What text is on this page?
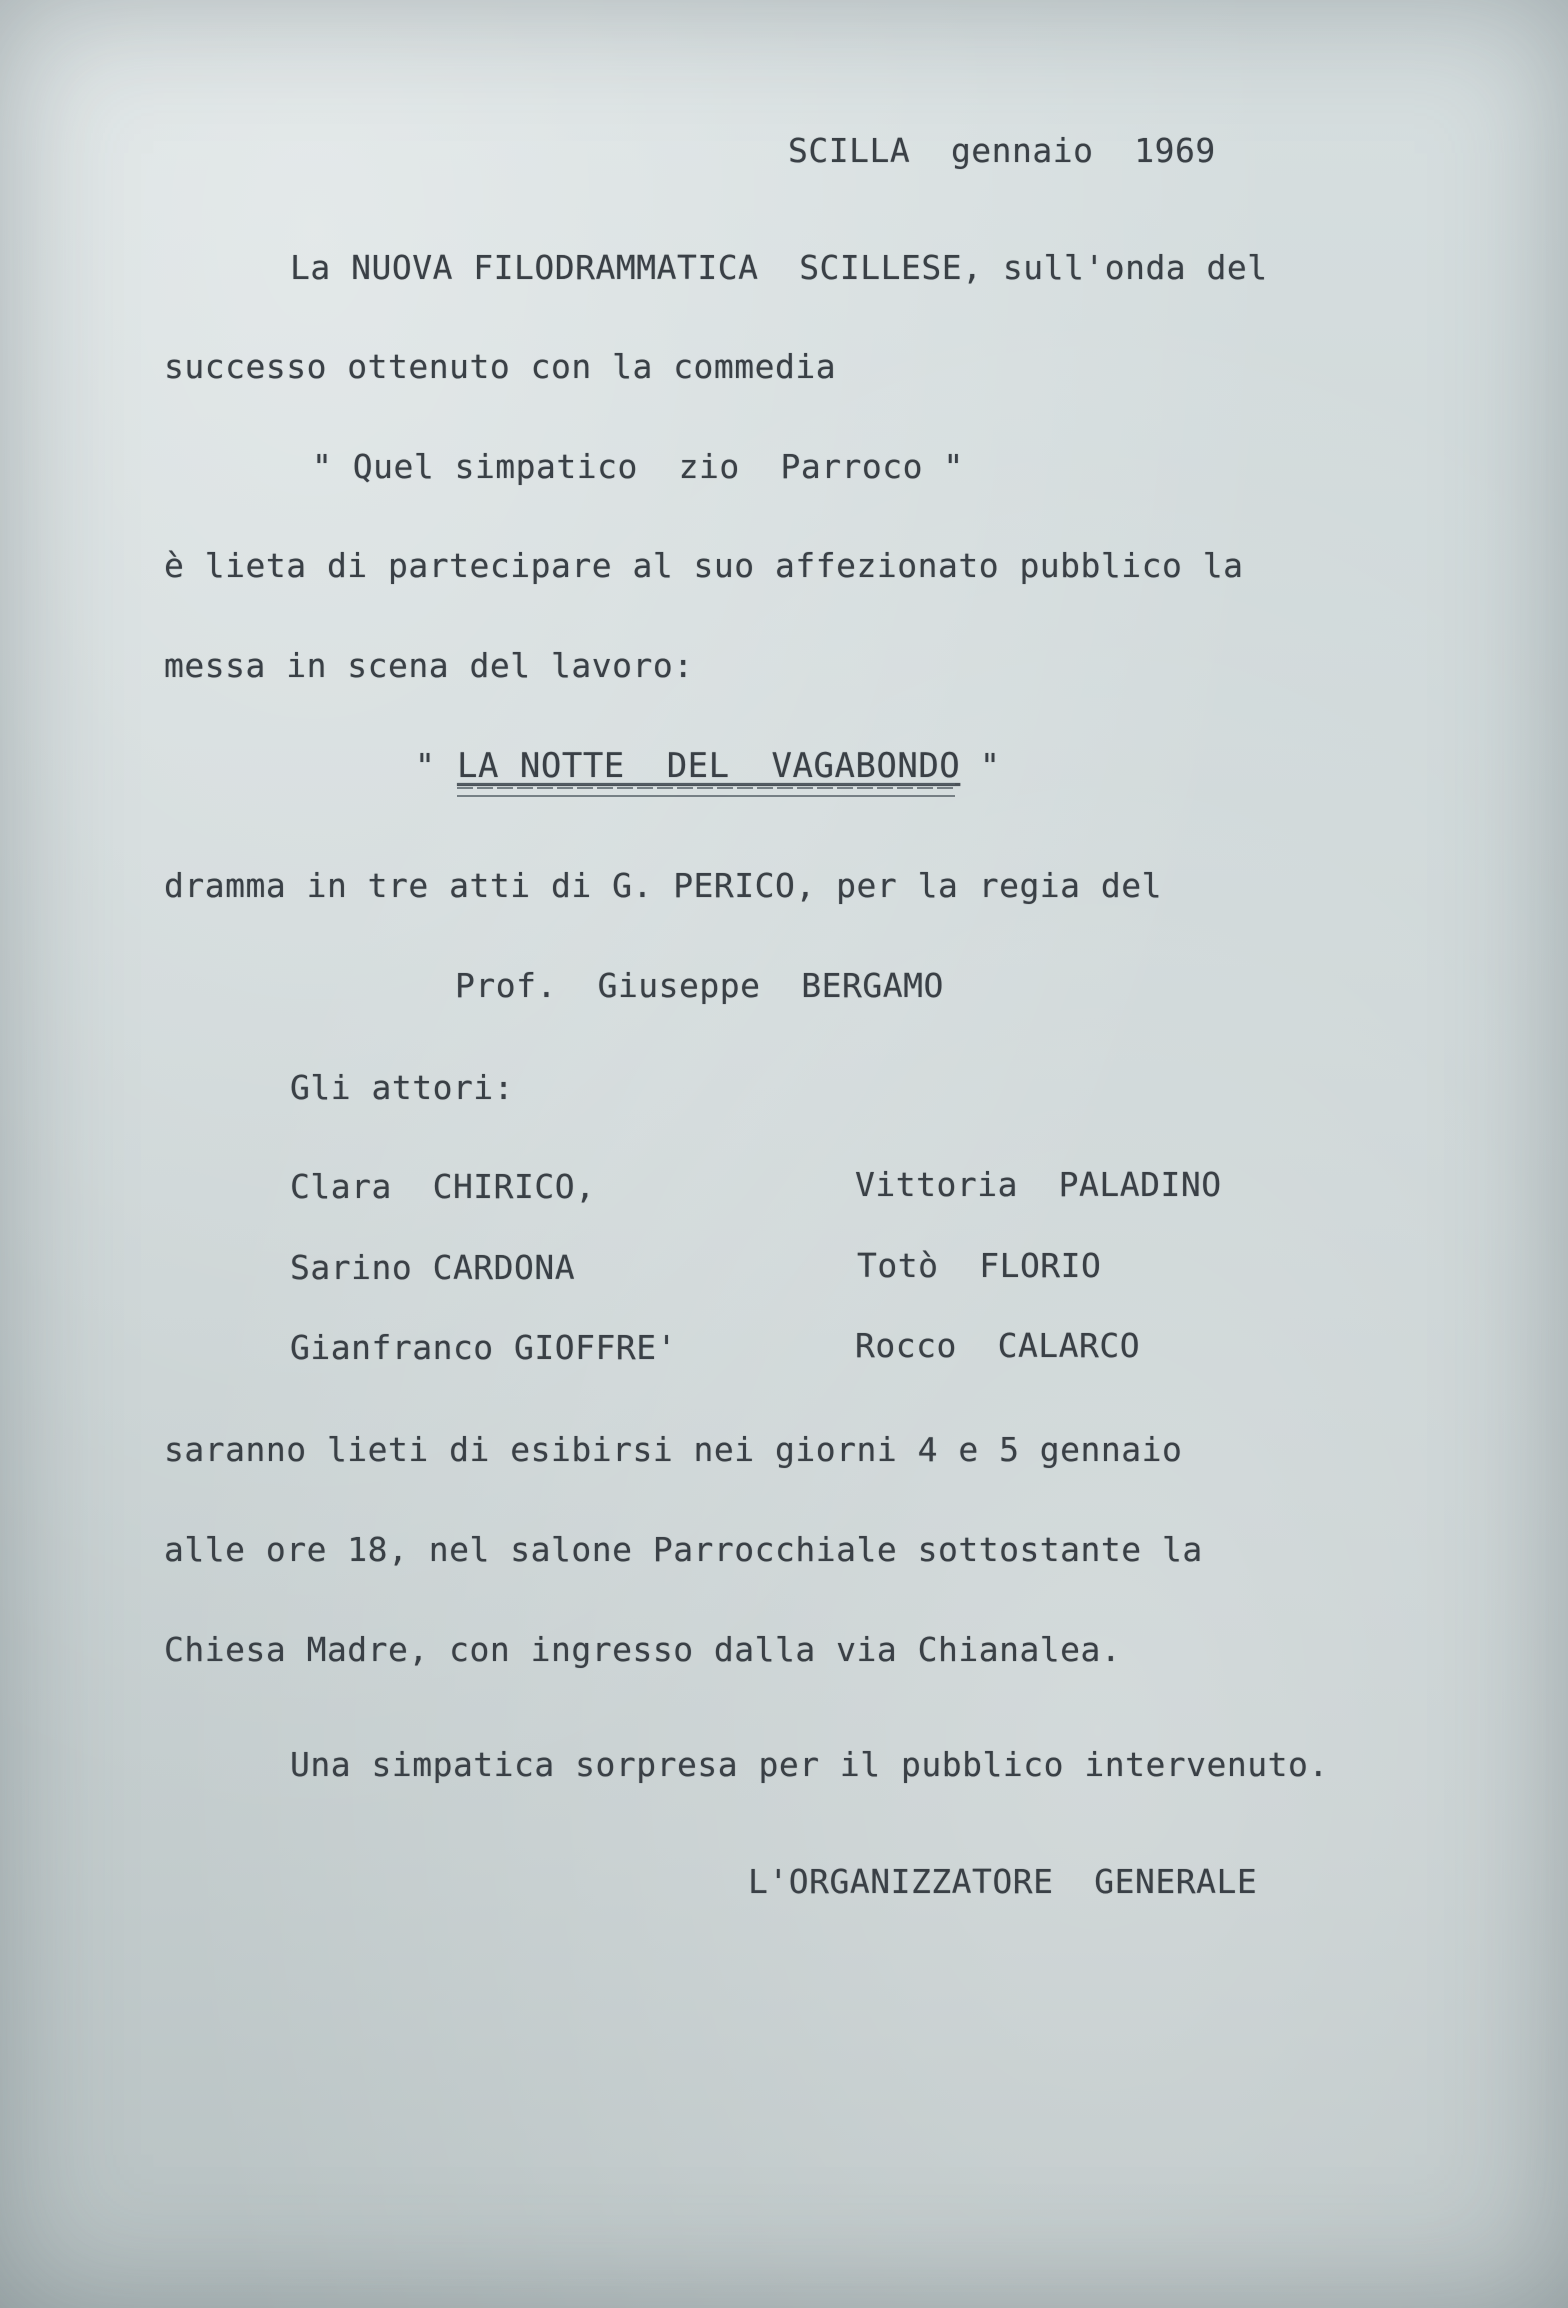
SCILLA  gennaio  1969

La NUOVA FILODRAMMATICA  SCILLESE, sull'onda del

successo ottenuto con la commedia

" Quel simpatico  zio  Parroco "

è lieta di partecipare al suo affezionato pubblico la

messa in scena del lavoro:

" LA NOTTE  DEL  VAGABONDO "

dramma in tre atti di G. PERICO, per la regia del

Prof.  Giuseppe  BERGAMO

Gli attori:

Clara  CHIRICO,	Vittoria  PALADINO

Sarino CARDONA	Totò  FLORIO

Gianfranco GIOFFRE'	Rocco  CALARCO

saranno lieti di esibirsi nei giorni 4 e 5 gennaio

alle ore 18, nel salone Parrocchiale sottostante la

Chiesa Madre, con ingresso dalla via Chianalea.

Una simpatica sorpresa per il pubblico intervenuto.

L'ORGANIZZATORE  GENERALE
